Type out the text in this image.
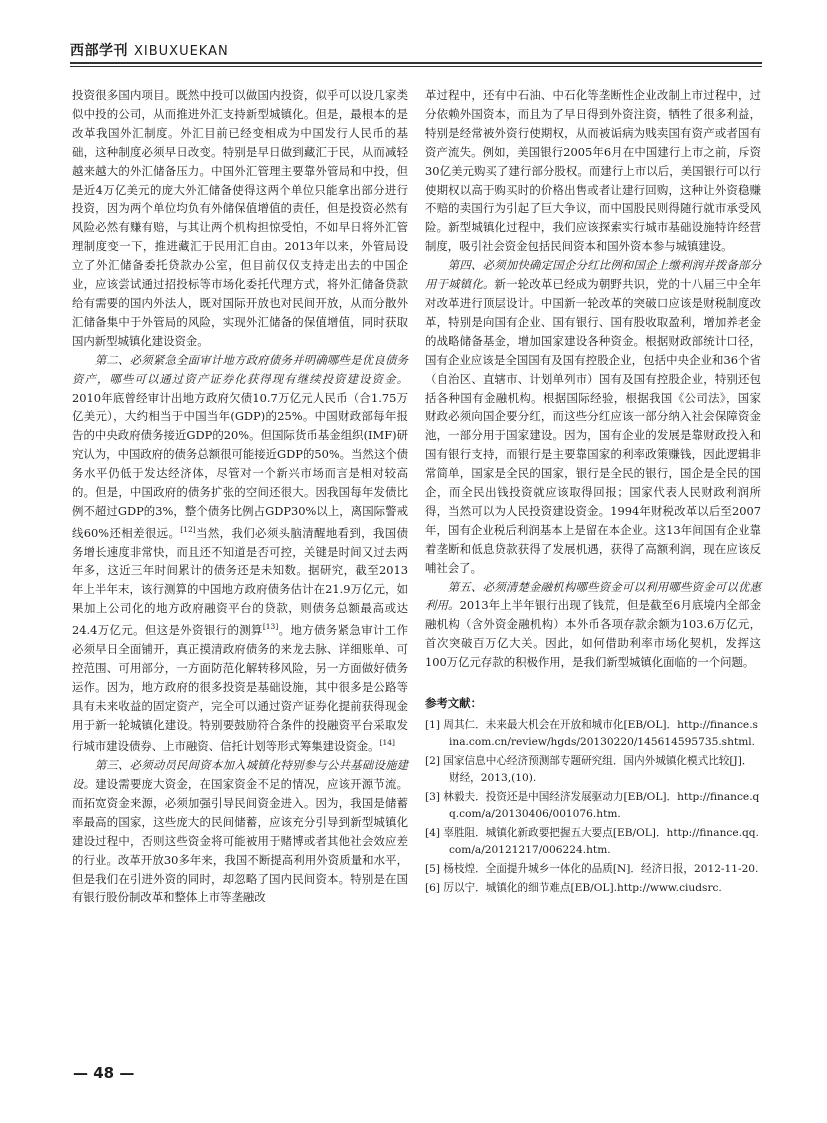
西部学刊 XIBUXUEKAN

投资很多国内项目。既然中投可以做国内投资，似乎可以设几家类似中投的公司，从而推进外汇支持新型城镇化。但是，最根本的是改革我国外汇制度。外汇目前已经变相成为中国发行人民币的基础，这种制度必须早日改变。特别是早日做到藏汇于民，从而减轻越来越大的外汇储备压力。中国外汇管理主要靠外管局和中投，但是近4万亿美元的庞大外汇储备使得这两个单位只能拿出部分进行投资，因为两个单位均负有外储保值增值的责任，但是投资必然有风险必然有赚有赔，与其让两个机构担惊受怕，不如早日将外汇管理制度变一下，推进藏汇于民用汇自由。2013年以来，外管局设立了外汇储备委托贷款办公室，但目前仅仅支持走出去的中国企业，应该尝试通过招投标等市场化委托代理方式，将外汇储备贷款给有需要的国内外法人，既对国际开放也对民间开放，从而分散外汇储备集中于外管局的风险，实现外汇储备的保值增值，同时获取国内新型城镇化建设资金。

第二、必须紧急全面审计地方政府债务并明确哪些是优良债务资产，哪些可以通过资产证券化获得现有继续投资建设资金。2010年底曾经审计出地方政府欠债10.7万亿元人民币（合1.75万亿美元），大约相当于中国当年(GDP)的25%。中国财政部每年报告的中央政府债务接近GDP的20%。但国际货币基金组织(IMF)研究认为，中国政府的债务总额很可能接近GDP的50%。当然这个债务水平仍低于发达经济体，尽管对一个新兴市场而言是相对较高的。但是，中国政府的债务扩张的空间还很大。因我国每年发债比例不超过GDP的3%，整个债务比例占GDP30%以上，离国际警戒线60%还相差很远。[12]当然，我们必须头脑清醒地看到，我国债务增长速度非常快，而且还不知道是否可控，关键是时间又过去两年多，这近三年时间累计的债务还是未知数。据研究，截至2013年上半年末，该行测算的中国地方政府债务估计在21.9万亿元，如果加上公司化的地方政府融资平台的贷款，则债务总额最高或达24.4万亿元。但这是外资银行的测算[13]。地方债务紧急审计工作必须早日全面铺开，真正摸清政府债务的来龙去脉、详细账单、可控范围、可用部分，一方面防范化解转移风险，另一方面做好债务运作。因为，地方政府的很多投资是基础设施，其中很多是公路等具有未来收益的固定资产，完全可以通过资产证券化提前获得现金用于新一轮城镇化建设。特别要鼓励符合条件的投融资平台采取发行城市建设债券、上市融资、信托计划等形式筹集建设资金。[14]

第三、必须动员民间资本加入城镇化特别参与公共基础设施建设。建设需要庞大资金，在国家资金不足的情况，应该开源节流。而拓宽资金来源，必须加强引导民间资金进入。因为，我国是储蓄率最高的国家，这些庞大的民间储蓄，应该充分引导到新型城镇化建设过程中，否则这些资金将可能被用于赌博或者其他社会效应差的行业。改革开放30多年来，我国不断提高利用外资质量和水平，但是我们在引进外资的同时，却忽略了国内民间资本。特别是在国有银行股份制改革和整体上市等垄融改

革过程中，还有中石油、中石化等垄断性企业改制上市过程中，过分依赖外国资本，而且为了早日得到外资注资，牺牲了很多利益，特别是经常被外资行使期权，从而被诟病为贱卖国有资产或者国有资产流失。例如，美国银行2005年6月在中国建行上市之前，斥资30亿美元购买了建行部分股权。而建行上市以后，美国银行可以行使期权以高于购买时的价格出售或者让建行回购，这种让外资稳赚不赔的卖国行为引起了巨大争议，而中国股民则得随行就市承受风险。新型城镇化过程中，我们应该探索实行城市基础设施特许经营制度，吸引社会资金包括民间资本和国外资本参与城镇建设。

第四、必须加快确定国企分红比例和国企上缴利润并拨备部分用于城镇化。新一轮改革已经成为朝野共识，党的十八届三中全年对改革进行顶层设计。中国新一轮改革的突破口应该是财税制度改革，特别是向国有企业、国有银行、国有股收取盈利，增加养老金的战略储备基金，增加国家建设各种资金。根据财政部统计口径，国有企业应该是全国国有及国有控股企业，包括中央企业和36个省（自治区、直辖市、计划单列市）国有及国有控股企业，特别还包括各种国有金融机构。根据国际经验，根据我国《公司法》，国家财政必须向国企要分红，而这些分红应该一部分纳入社会保障资金池，一部分用于国家建设。因为，国有企业的发展是靠财政投入和国有银行支持，而银行是主要靠国家的利率政策赚钱，因此逻辑非常简单，国家是全民的国家，银行是全民的银行，国企是全民的国企，而全民出钱投资就应该取得回报；国家代表人民财政利润所得，当然可以为人民投资建设资金。1994年财税改革以后至2007年，国有企业税后利润基本上是留在本企业。这13年间国有企业靠着垄断和低息贷款获得了发展机遇，获得了高额利润，现在应该反哺社会了。

第五、必须清楚金融机构哪些资金可以利用哪些资金可以优惠利用。2013年上半年银行出现了钱荒，但是截至6月底境内全部金融机构（含外资金融机构）本外币各项存款余额为103.6万亿元，首次突破百万亿大关。因此，如何借助利率市场化契机，发挥这100万亿元存款的积极作用，是我们新型城镇化面临的一个问题。

参考文献：

[1] 周其仁．未来最大机会在开放和城市化[EB/OL]．http://finance.sina.com.cn/review/hgds/20130220/145614595735.shtml.

[2] 国家信息中心经济预测部专题研究组．国内外城镇化模式比较[J]．财经，2013,(10).

[3] 林毅夫．投资还是中国经济发展驱动力[EB/OL]．http://finance.qq.com/a/20130406/001076.htm.

[4] 辜胜阻．城镇化新政要把握五大要点[EB/OL]．http://finance.qq.com/a/20121217/006224.htm.

[5] 杨枝煌．全面提升城乡一体化的品质[N]．经济日报，2012-11-20.

[6] 厉以宁．城镇化的细节难点[EB/OL].http://www.ciudsrc.

— 48 —
